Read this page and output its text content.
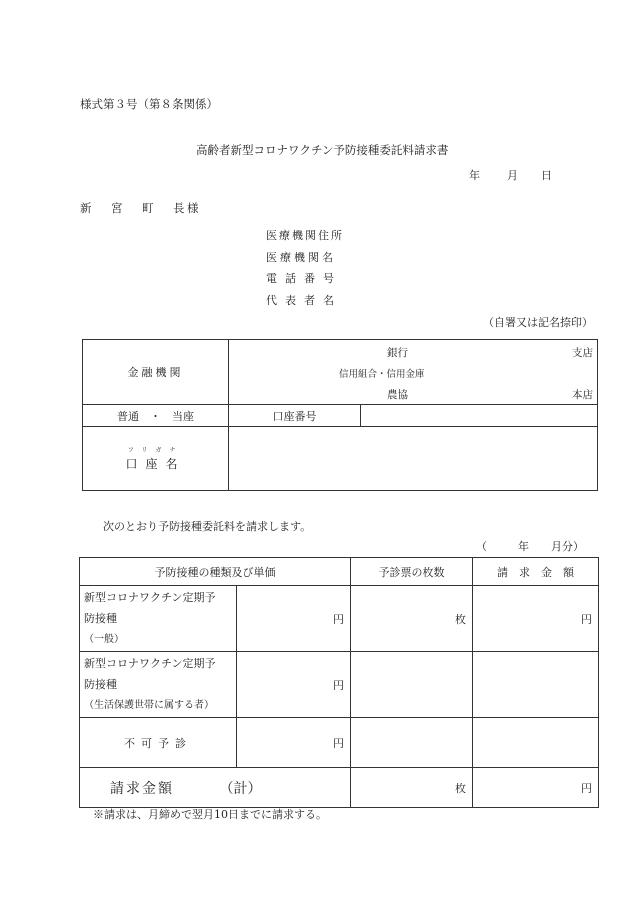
様式第３号（第８条関係）
高齢者新型コロナワクチン予防接種委託料請求書
年 月 日
新　宮　町　長
様
医療機関住所
医療機関名
電話番号
代表者名
（自署又は記名捺印）
金融機関	銀行 支店
信用組合・信用金庫
農協 本店	

普通　・　当座	口座番号	

フリガナ
口座名		
次のとおり予防接種委託料を請求します。
（	年 月分）
予防接種の種類及び単価		予診票の枚数	請　求　金　額

新型コロナワクチン定期予
防接種
（一般）	円	枚	円

新型コロナワクチン定期予
防接種
（生活保護世帯に属する者）	円		
不可予診	円		
請求金額 （計）		枚	円
※請求は、月締めで翌月10日までに請求する。
